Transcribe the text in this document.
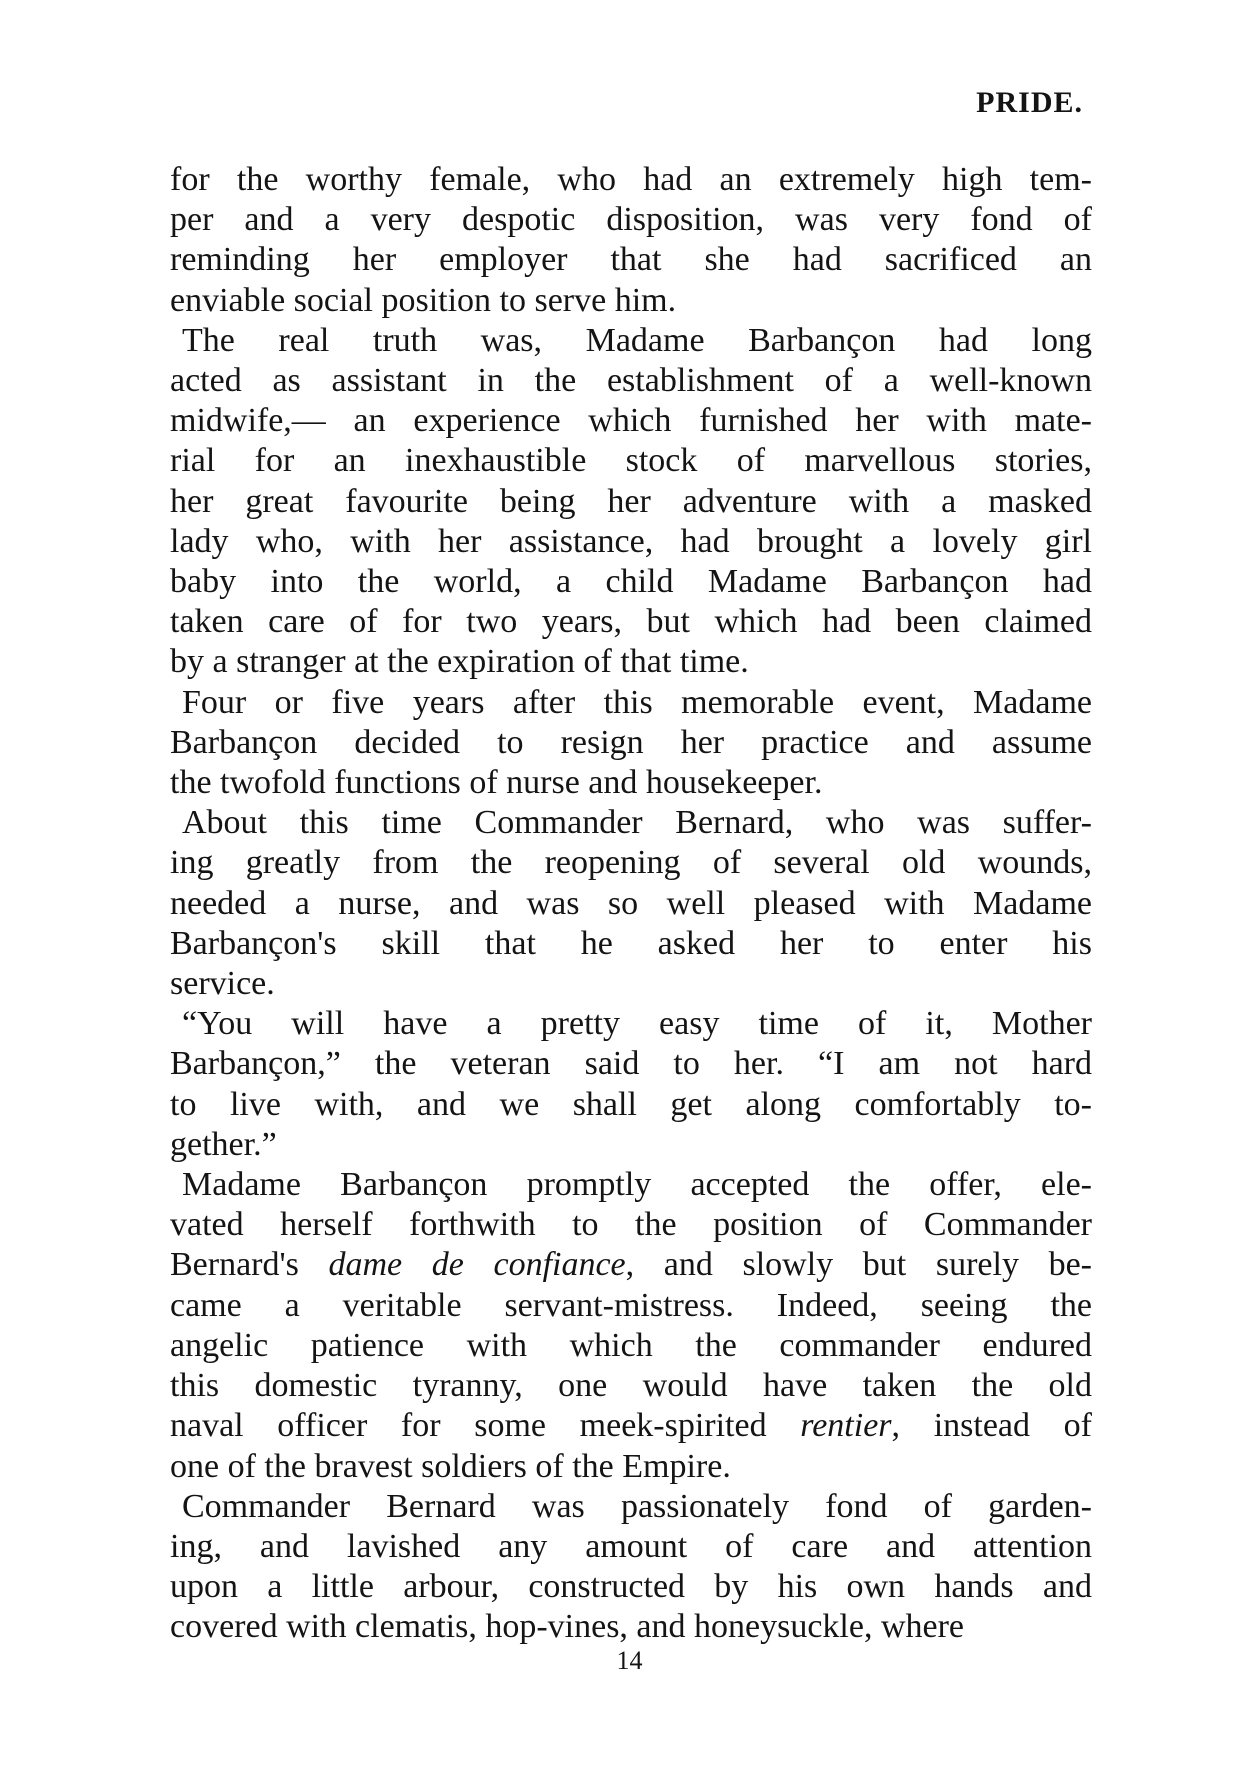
PRIDE.
for the worthy female, who had an extremely high tem-
per and a very despotic disposition, was very fond of
reminding her employer that she had sacrificed an
enviable social position to serve him.
The real truth was, Madame Barbançon had long
acted as assistant in the establishment of a well-known
midwife,— an experience which furnished her with mate-
rial for an inexhaustible stock of marvellous stories,
her great favourite being her adventure with a masked
lady who, with her assistance, had brought a lovely girl
baby into the world, a child Madame Barbançon had
taken care of for two years, but which had been claimed
by a stranger at the expiration of that time.
Four or five years after this memorable event, Madame
Barbançon decided to resign her practice and assume
the twofold functions of nurse and housekeeper.
About this time Commander Bernard, who was suffer-
ing greatly from the reopening of several old wounds,
needed a nurse, and was so well pleased with Madame
Barbançon's skill that he asked her to enter his
service.
“You will have a pretty easy time of it, Mother
Barbançon,” the veteran said to her. “I am not hard
to live with, and we shall get along comfortably to-
gether.”
Madame Barbançon promptly accepted the offer, ele-
vated herself forthwith to the position of Commander
Bernard's dame de confiance, and slowly but surely be-
came a veritable servant-mistress. Indeed, seeing the
angelic patience with which the commander endured
this domestic tyranny, one would have taken the old
naval officer for some meek-spirited rentier, instead of
one of the bravest soldiers of the Empire.
Commander Bernard was passionately fond of garden-
ing, and lavished any amount of care and attention
upon a little arbour, constructed by his own hands and
covered with clematis, hop-vines, and honeysuckle, where
14
